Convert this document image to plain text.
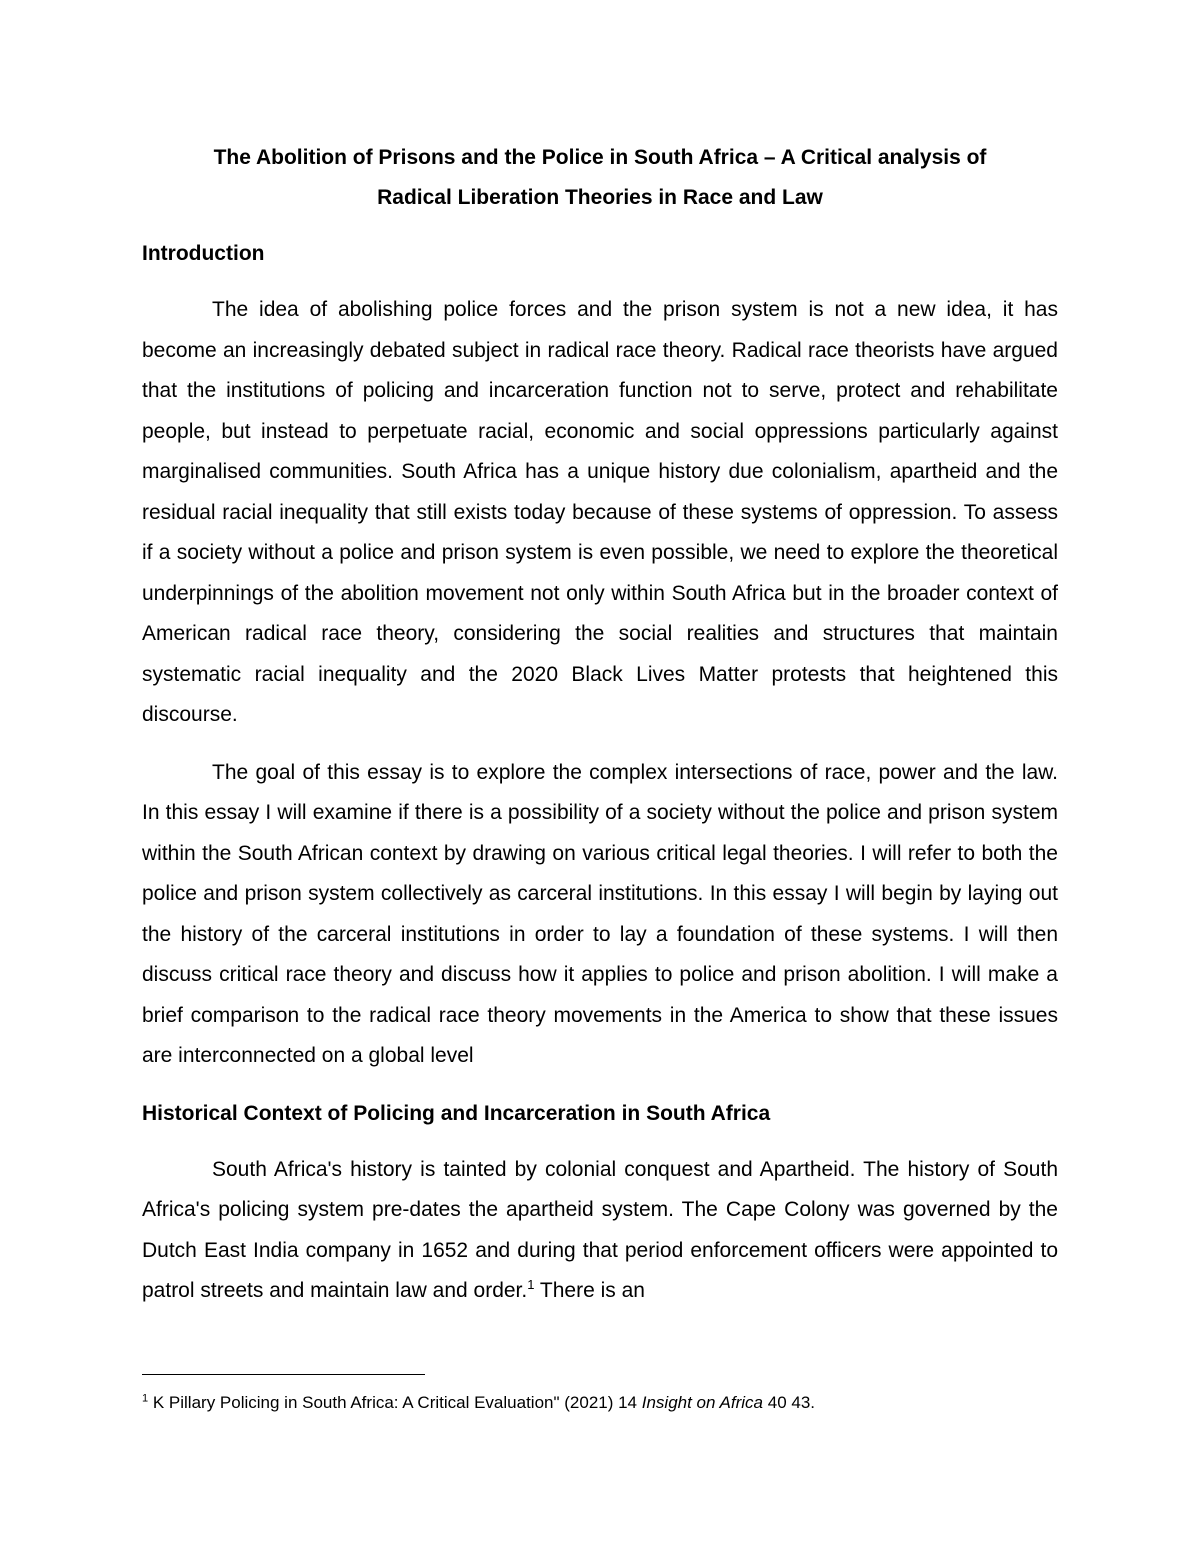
The Abolition of Prisons and the Police in South Africa – A Critical analysis of

Radical Liberation Theories in Race and Law

Introduction

The idea of abolishing police forces and the prison system is not a new idea, it has become an increasingly debated subject in radical race theory. Radical race theorists have argued that the institutions of policing and incarceration function not to serve, protect and rehabilitate people, but instead to perpetuate racial, economic and social oppressions particularly against marginalised communities. South Africa has a unique history due colonialism, apartheid and the residual racial inequality that still exists today because of these systems of oppression. To assess if a society without a police and prison system is even possible, we need to explore the theoretical underpinnings of the abolition movement not only within South Africa but in the broader context of American radical race theory, considering the social realities and structures that maintain systematic racial inequality and the 2020 Black Lives Matter protests that heightened this discourse.

The goal of this essay is to explore the complex intersections of race, power and the law. In this essay I will examine if there is a possibility of a society without the police and prison system within the South African context by drawing on various critical legal theories. I will refer to both the police and prison system collectively as carceral institutions. In this essay I will begin by laying out the history of the carceral institutions in order to lay a foundation of these systems. I will then discuss critical race theory and discuss how it applies to police and prison abolition. I will make a brief comparison to the radical race theory movements in the America to show that these issues are interconnected on a global level

Historical Context of Policing and Incarceration in South Africa

South Africa's history is tainted by colonial conquest and Apartheid. The history of South Africa's policing system pre-dates the apartheid system. The Cape Colony was governed by the Dutch East India company in 1652 and during that period enforcement officers were appointed to patrol streets and maintain law and order.$^1$ There is an

$^1$ K Pillary Policing in South Africa: A Critical Evaluation" (2021) 14 Insight on Africa 40 43.
